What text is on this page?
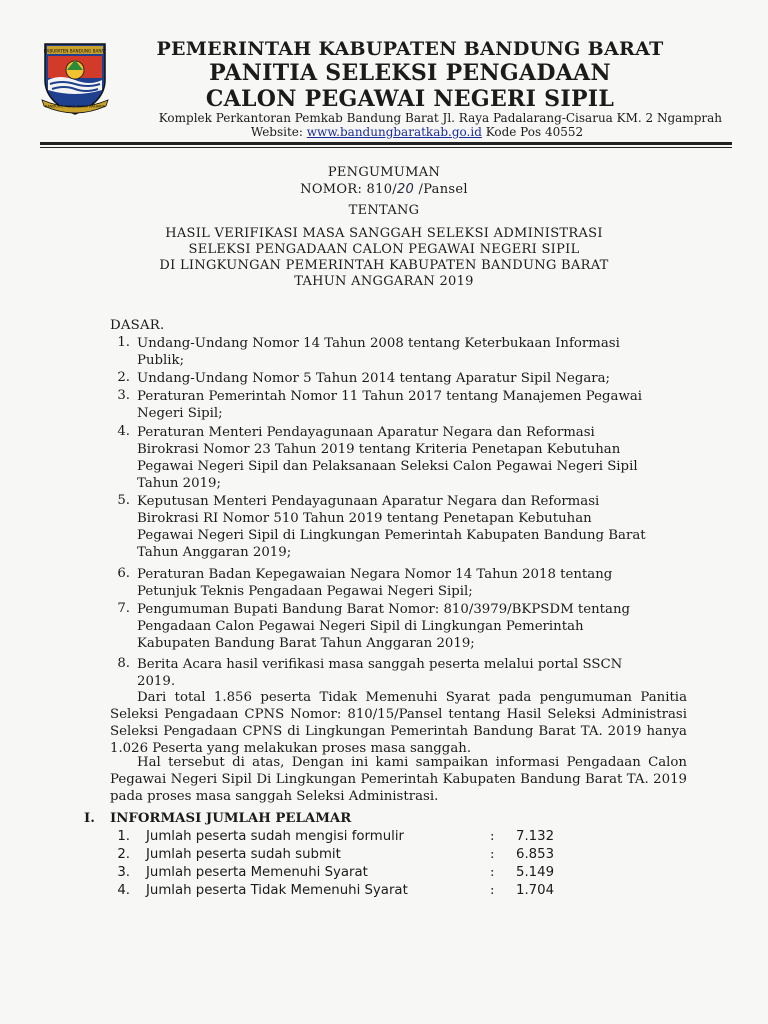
KABUPATEN BANDUNG BARAT
BANDUNG MUKTI KERTA RAHARJA
PEMERINTAH KABUPATEN BANDUNG BARAT
PANITIA SELEKSI PENGADAAN
CALON PEGAWAI NEGERI SIPIL
Komplek Perkantoran Pemkab Bandung Barat Jl. Raya Padalarang-Cisarua KM. 2 Ngamprah
Website: www.bandungbaratkab.go.id Kode Pos 40552
PENGUMUMAN
NOMOR: 810/20 /Pansel
TENTANG
HASIL VERIFIKASI MASA SANGGAH SELEKSI ADMINISTRASI
SELEKSI PENGADAAN CALON PEGAWAI NEGERI SIPIL
DI LINGKUNGAN PEMERINTAH KABUPATEN BANDUNG BARAT
TAHUN ANGGARAN 2019
DASAR.
1. Undang-Undang Nomor 14 Tahun 2008 tentang Keterbukaan Informasi
Publik;
2. Undang-Undang Nomor 5 Tahun 2014 tentang Aparatur Sipil Negara;
3. Peraturan Pemerintah Nomor 11 Tahun 2017 tentang Manajemen Pegawai
Negeri Sipil;
4. Peraturan Menteri Pendayagunaan Aparatur Negara dan Reformasi
Birokrasi Nomor 23 Tahun 2019 tentang Kriteria Penetapan Kebutuhan
Pegawai Negeri Sipil dan Pelaksanaan Seleksi Calon Pegawai Negeri Sipil
Tahun 2019;
5. Keputusan Menteri Pendayagunaan Aparatur Negara dan Reformasi
Birokrasi RI Nomor 510 Tahun 2019 tentang Penetapan Kebutuhan
Pegawai Negeri Sipil di Lingkungan Pemerintah Kabupaten Bandung Barat
Tahun Anggaran 2019;
6. Peraturan Badan Kepegawaian Negara Nomor 14 Tahun 2018 tentang
Petunjuk Teknis Pengadaan Pegawai Negeri Sipil;
7. Pengumuman Bupati Bandung Barat Nomor: 810/3979/BKPSDM tentang
Pengadaan Calon Pegawai Negeri Sipil di Lingkungan Pemerintah
Kabupaten Bandung Barat Tahun Anggaran 2019;
8. Berita Acara hasil verifikasi masa sanggah peserta melalui portal SSCN
2019.
Dari total 1.856 peserta Tidak Memenuhi Syarat pada pengumuman Panitia Seleksi Pengadaan CPNS Nomor: 810/15/Pansel tentang Hasil Seleksi Administrasi Seleksi Pengadaan CPNS di Lingkungan Pemerintah Bandung Barat TA. 2019 hanya 1.026 Peserta yang melakukan proses masa sanggah.
Hal tersebut di atas, Dengan ini kami sampaikan informasi Pengadaan Calon Pegawai Negeri Sipil Di Lingkungan Pemerintah Kabupaten Bandung Barat TA. 2019 pada proses masa sanggah Seleksi Administrasi.
I. INFORMASI JUMLAH PELAMAR
1. Jumlah peserta sudah mengisi formulir	: 7.132
2. Jumlah peserta sudah submit	: 6.853
3. Jumlah peserta Memenuhi Syarat	: 5.149
4. Jumlah peserta Tidak Memenuhi Syarat	: 1.704
